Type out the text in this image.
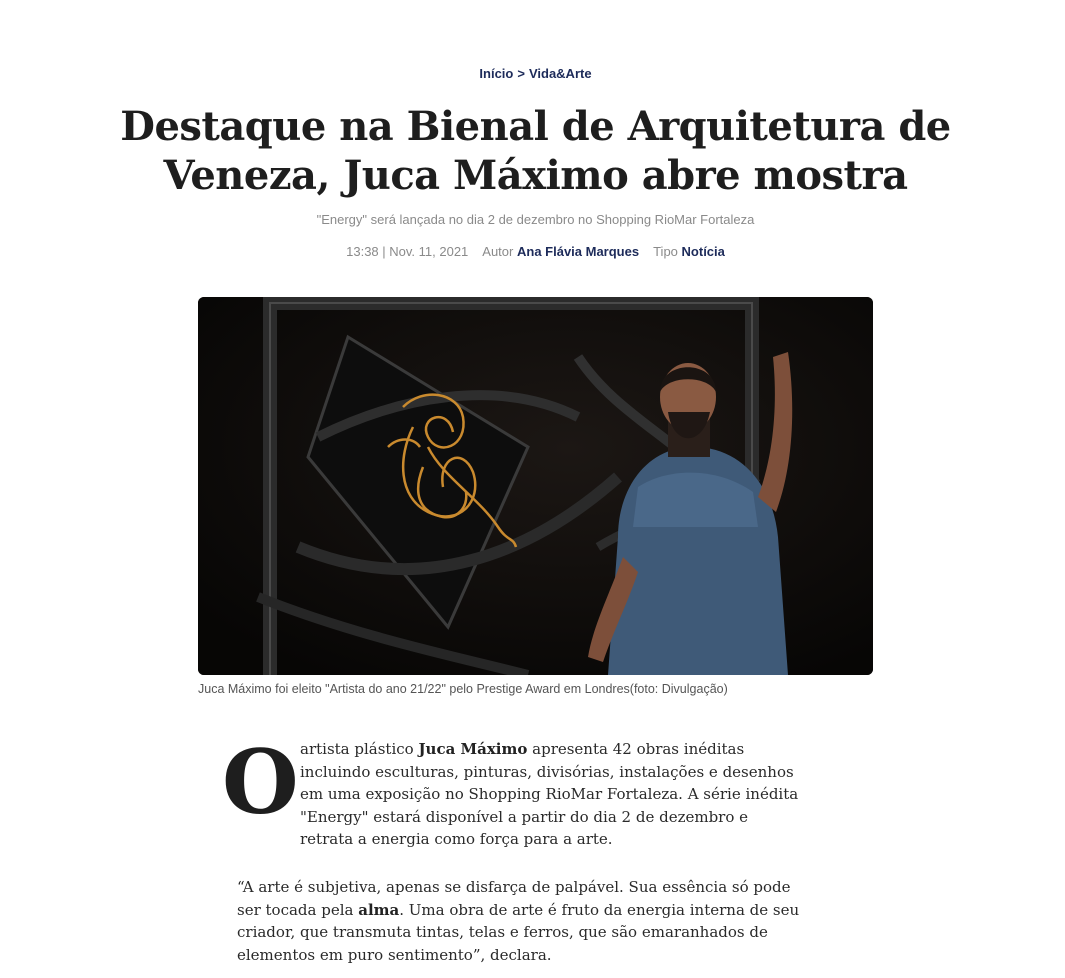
Início > Vida&Arte
Destaque na Bienal de Arquitetura de Veneza, Juca Máximo abre mostra
"Energy" será lançada no dia 2 de dezembro no Shopping RioMar Fortaleza
13:38 | Nov. 11, 2021 Autor Ana Flávia Marques Tipo Notícia
Juca Máximo foi eleito "Artista do ano 21/22" pelo Prestige Award em Londres(foto: Divulgação)
O artista plástico Juca Máximo apresenta 42 obras inéditas incluindo esculturas, pinturas, divisórias, instalações e desenhos em uma exposição no Shopping RioMar Fortaleza. A série inédita "Energy" estará disponível a partir do dia 2 de dezembro e retrata a energia como força para a arte.

“A arte é subjetiva, apenas se disfarça de palpável. Sua essência só pode ser tocada pela alma. Uma obra de arte é fruto da energia interna de seu criador, que transmuta tintas, telas e ferros, que são emaranhados de elementos em puro sentimento”, declara.
